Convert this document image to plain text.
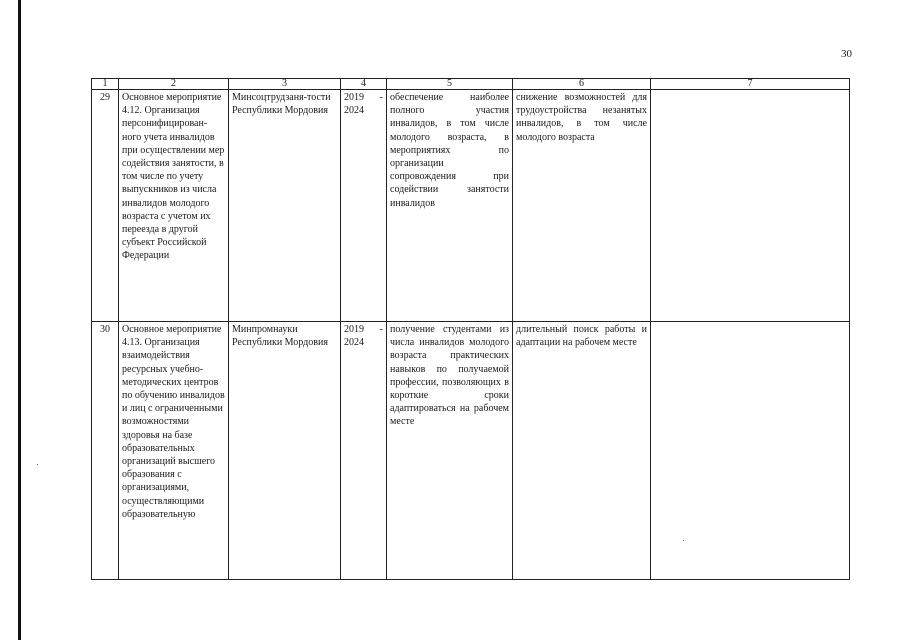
30
1	2	3	4	5	6	7
29	Основное мероприятие 4.12. Организация персонифицирован-ного учета инвалидов при осуществлении мер содействия занятости, в том числе по учету выпускников из числа инвалидов молодого возраста с учетом их переезда в другой субъект Российской Федерации	Минсоцтрудзаня-тости Республики Мордовия	2019 - 2024	обеспечение наиболее полного участия инвалидов, в том числе молодого возраста, в мероприятиях по организации сопровождения при содействии занятости инвалидов	снижение возможностей для трудоустройства незанятых инвалидов, в том числе молодого возраста	
30	Основное мероприятие 4.13. Организация взаимодействия ресурсных учебно-методических центров по обучению инвалидов и лиц с ограниченными возможностями здоровья на базе образовательных организаций высшего образования с организациями, осуществляющими образовательную	Минпромнауки Республики Мордовия	2019 - 2024	получение студентами из числа инвалидов молодого возраста практических навыков по получаемой профессии, позволяющих в короткие сроки адаптироваться на рабочем месте	длительный поиск работы и адаптации на рабочем месте	
